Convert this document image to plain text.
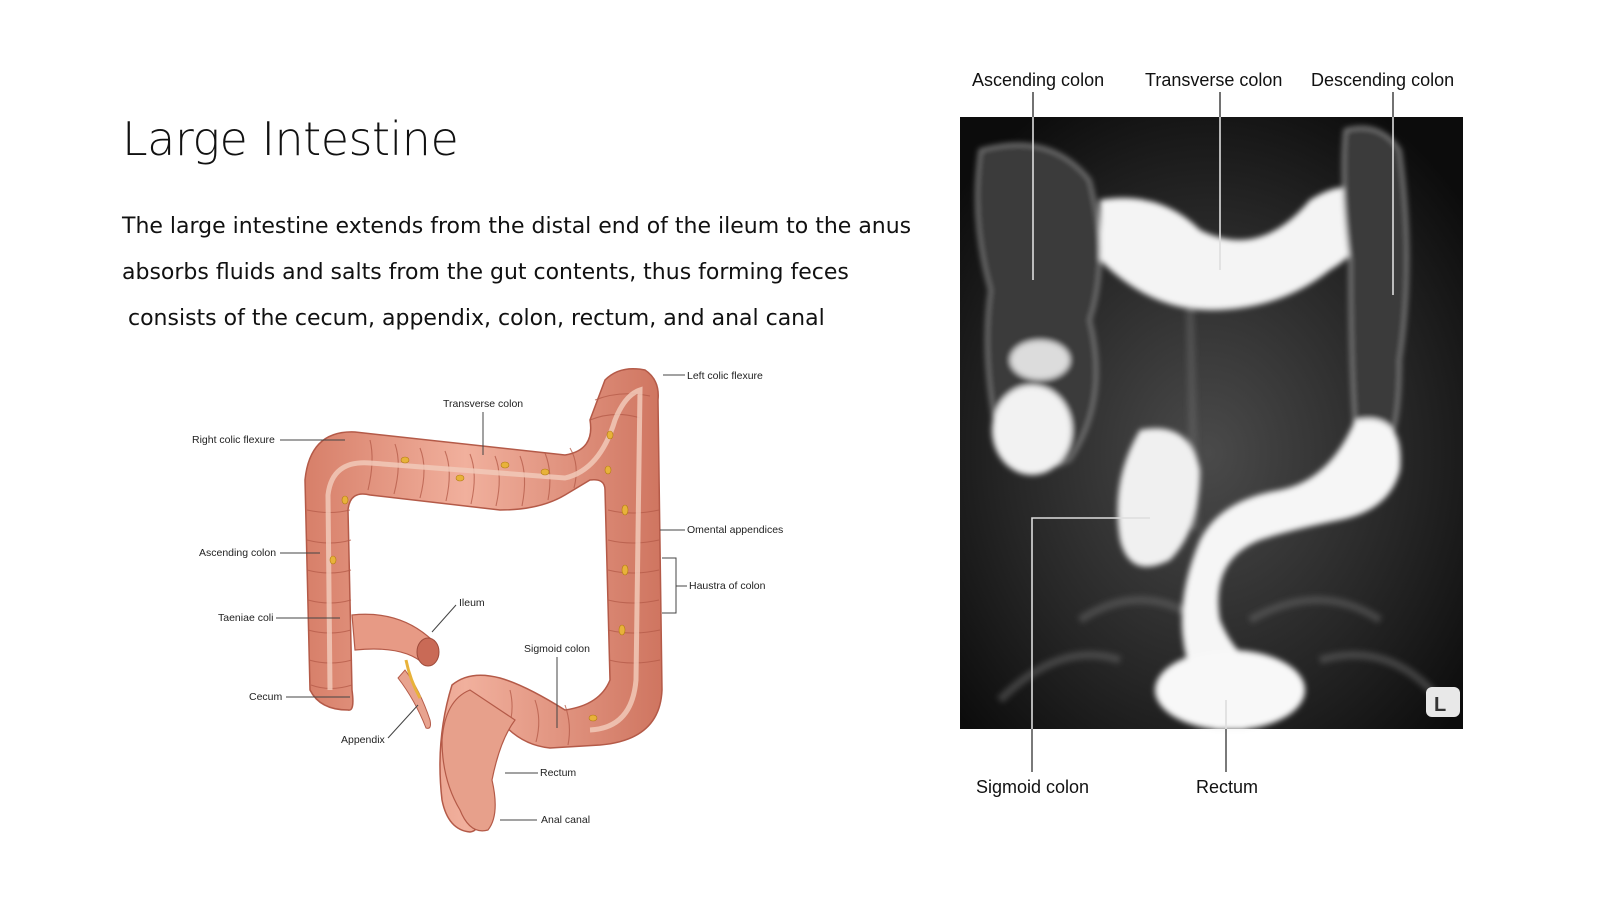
Large Intestine
The large intestine extends from the distal end of the ileum to the anus
absorbs fluids and salts from the gut contents, thus forming feces
consists of the cecum, appendix, colon, rectum, and anal canal
Left colic flexure
Transverse colon
Right colic flexure
Omental appendices
Ascending colon
Haustra of colon
Ileum
Taeniae coli
Sigmoid colon
Cecum
Appendix
Rectum
Anal canal
Ascending colon Transverse colon Descending colon
L
Sigmoid colon	Rectum
